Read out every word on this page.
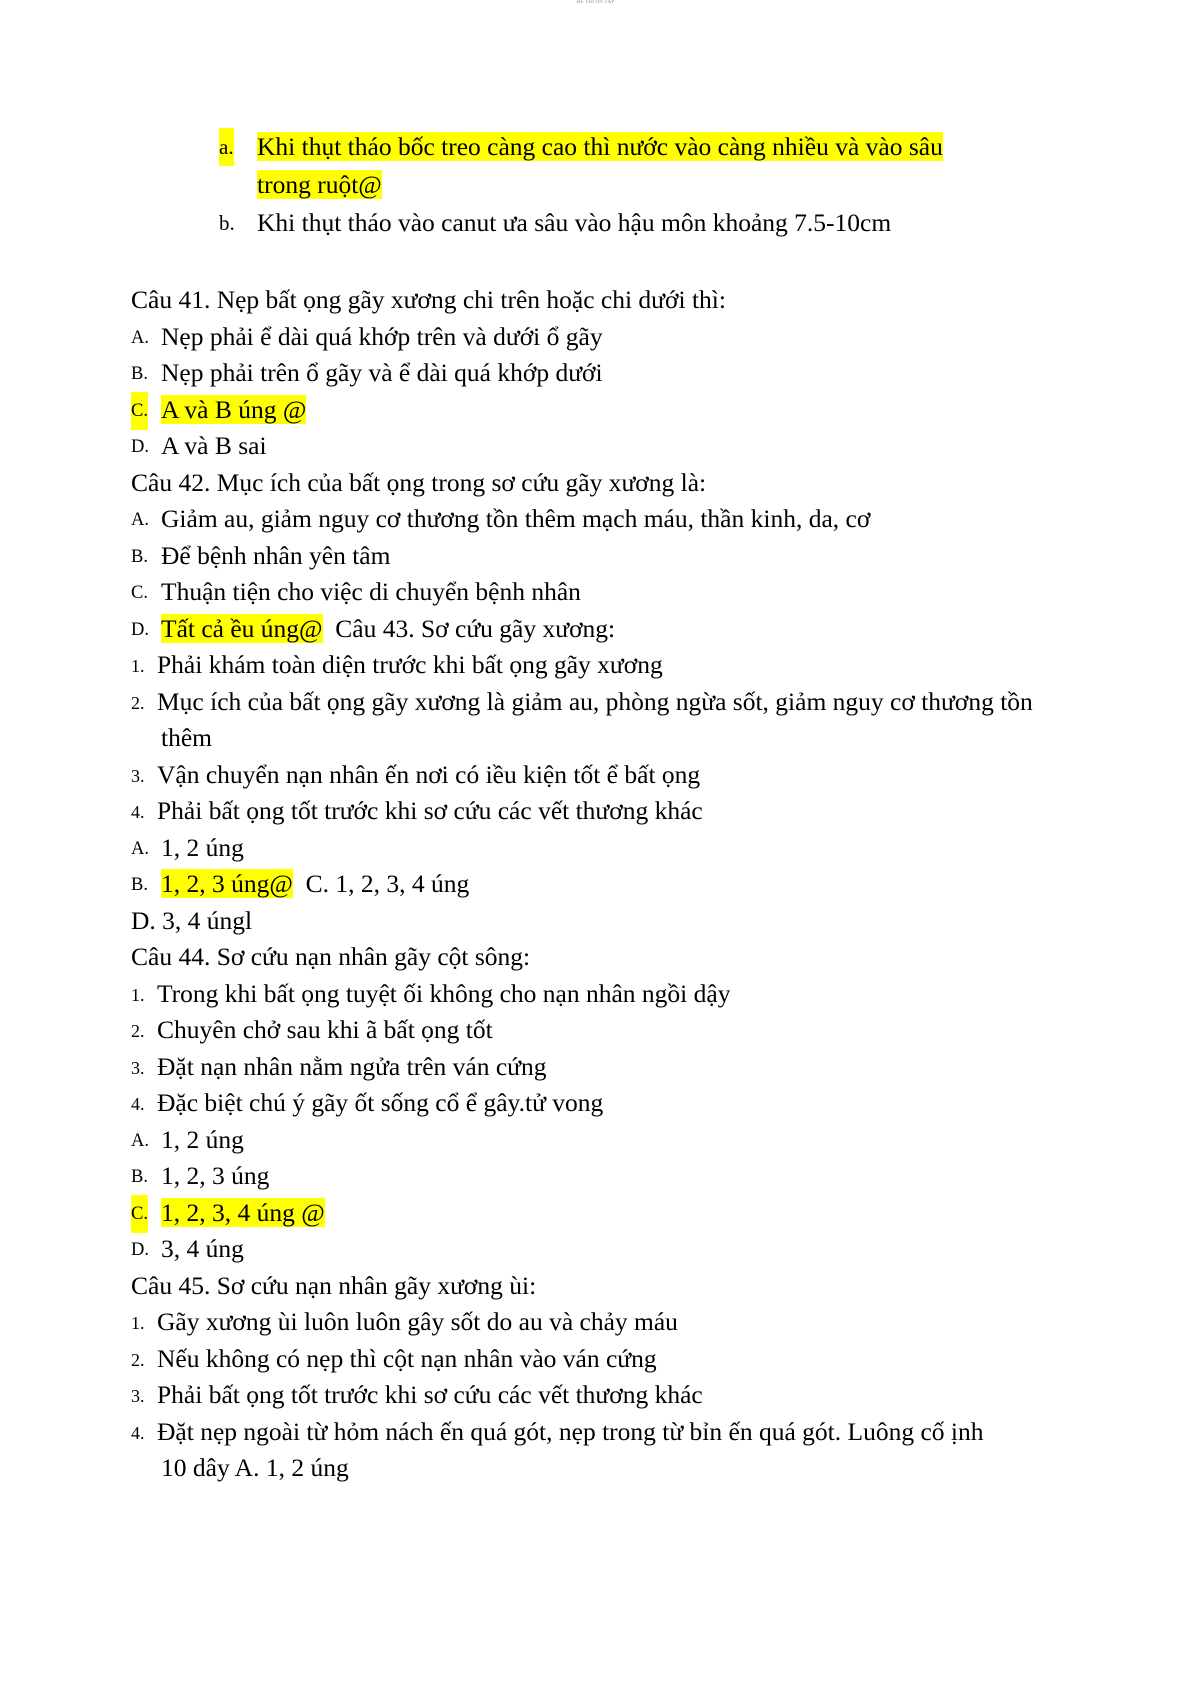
ĐỀ THI ÔN TẬP
a. Khi thụt tháo bốc treo càng cao thì nước vào càng nhiều và vào sâu
trong ruột@
b. Khi thụt tháo vào canut ưa sâu vào hậu môn khoảng 7.5-10cm
Câu 41. Nẹp bất ọng gãy xương chi trên hoặc chi dưới thì:
A. Nẹp phải ể dài quá khớp trên và dưới ổ gãy
B. Nẹp phải trên ổ gãy và ể dài quá khớp dưới
C. A và B úng @
D. A và B sai
Câu 42. Mục ích của bất ọng trong sơ cứu gãy xương là:
A. Giảm au, giảm nguy cơ thương tồn thêm mạch máu, thần kinh, da, cơ
B. Để bệnh nhân yên tâm
C. Thuận tiện cho việc di chuyển bệnh nhân
D. Tất cả ều úng@  Câu 43. Sơ cứu gãy xương:
1. Phải khám toàn diện trước khi bất ọng gãy xương
2. Mục ích của bất ọng gãy xương là giảm au, phòng ngừa sốt, giảm nguy cơ thương tồn
thêm
3. Vận chuyển nạn nhân ến nơi có iều kiện tốt ể bất ọng
4. Phải bất ọng tốt trước khi sơ cứu các vết thương khác
A. 1, 2 úng
B. 1, 2, 3 úng@  C. 1, 2, 3, 4 úng
D. 3, 4 úngl
Câu 44. Sơ cứu nạn nhân gãy cột sông:
1. Trong khi bất ọng tuyệt ối không cho nạn nhân ngồi dậy
2. Chuyên chở sau khi ã bất ọng tốt
3. Đặt nạn nhân nằm ngửa trên ván cứng
4. Đặc biệt chú ý gãy ốt sống cổ ể gây.tử vong
A. 1, 2 úng
B. 1, 2, 3 úng
C. 1, 2, 3, 4 úng @
D. 3, 4 úng
Câu 45. Sơ cứu nạn nhân gãy xương ùi:
1. Gãy xương ùi luôn luôn gây sốt do au và chảy máu
2. Nếu không có nẹp thì cột nạn nhân vào ván cứng
3. Phải bất ọng tốt trước khi sơ cứu các vết thương khác
4. Đặt nẹp ngoài từ hỏm nách ến quá gót, nẹp trong từ bỉn ến quá gót. Luông cố ịnh
10 dây A. 1, 2 úng
